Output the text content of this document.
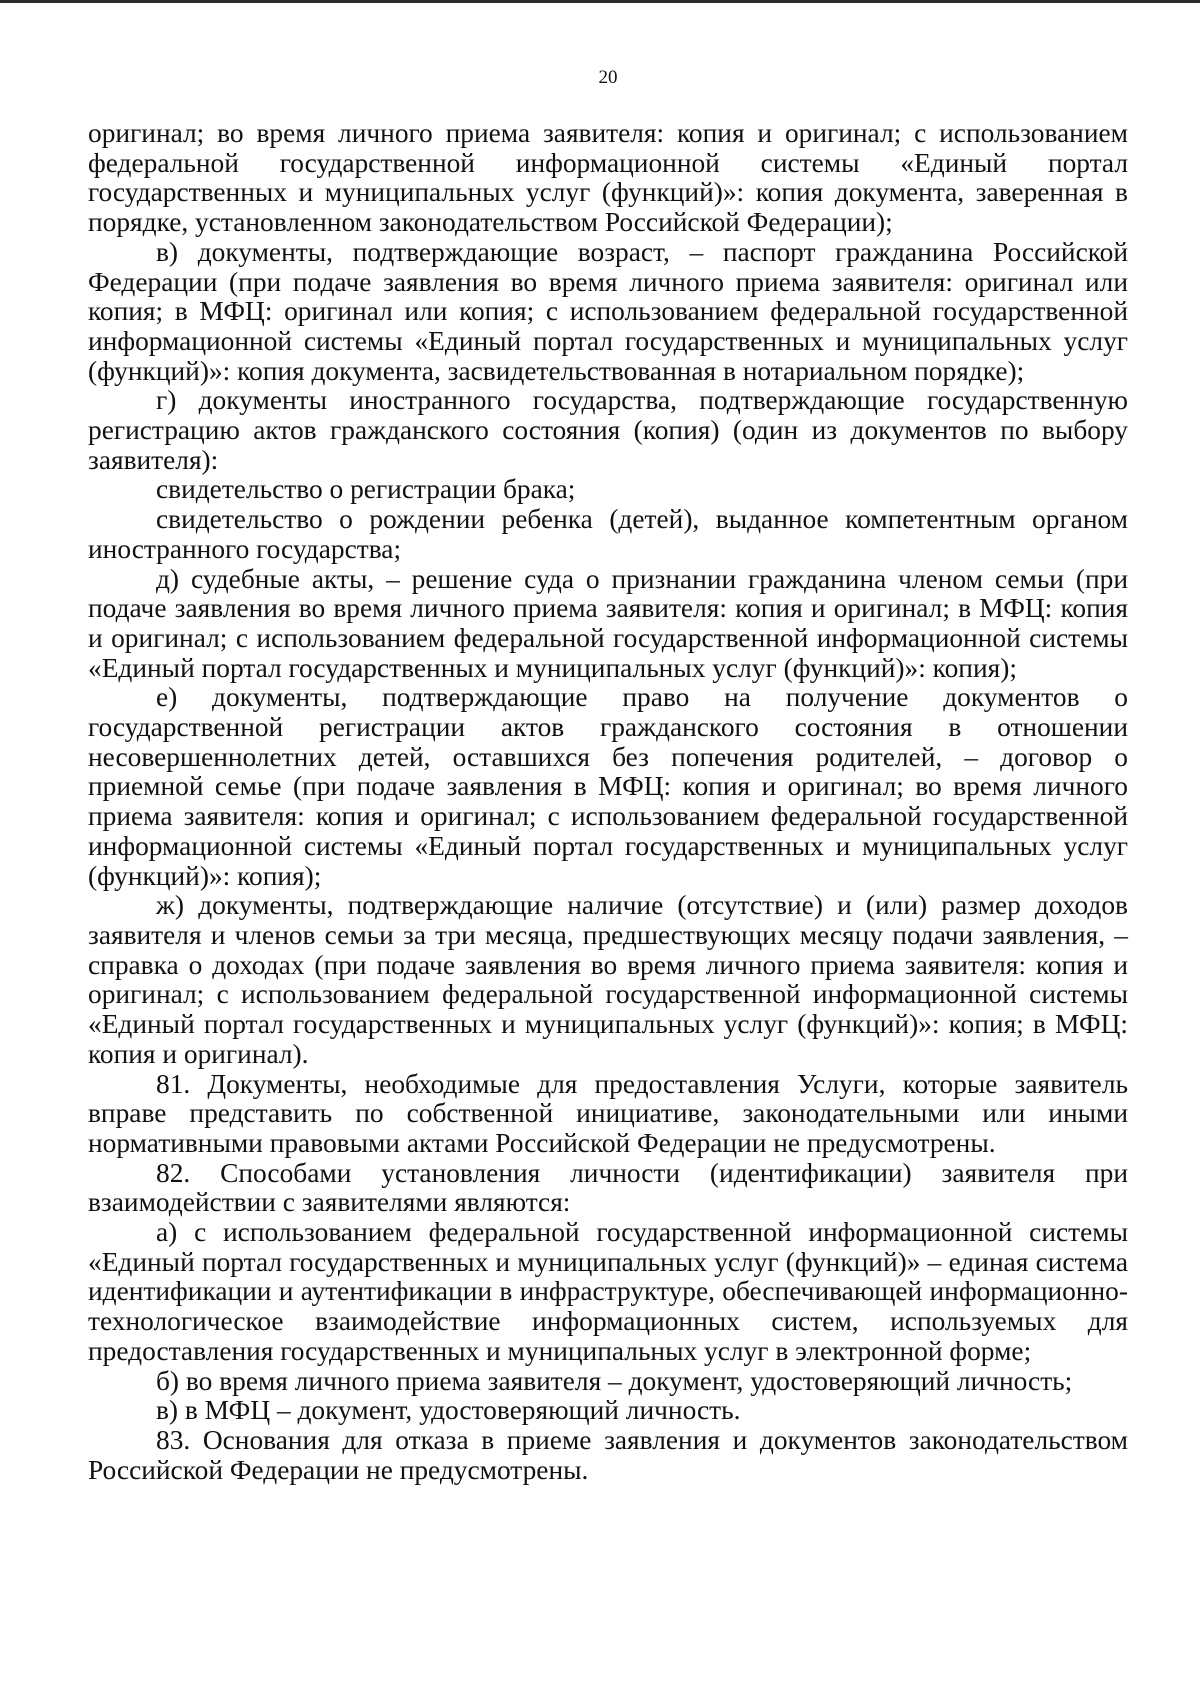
20

оригинал; во время личного приема заявителя: копия и оригинал; с использованием федеральной государственной информационной системы «Единый портал государственных и муниципальных услуг (функций)»: копия документа, заверенная в порядке, установленном законодательством Российской Федерации);

в) документы, подтверждающие возраст, – паспорт гражданина Российской Федерации (при подаче заявления во время личного приема заявителя: оригинал или копия; в МФЦ: оригинал или копия; с использованием федеральной государственной информационной системы «Единый портал государственных и муниципальных услуг (функций)»: копия документа, засвидетельствованная в нотариальном порядке);

г) документы иностранного государства, подтверждающие государственную регистрацию актов гражданского состояния (копия) (один из документов по выбору заявителя):

свидетельство о регистрации брака;

свидетельство о рождении ребенка (детей), выданное компетентным органом иностранного государства;

д) судебные акты, – решение суда о признании гражданина членом семьи (при подаче заявления во время личного приема заявителя: копия и оригинал; в МФЦ: копия и оригинал; с использованием федеральной государственной информационной системы «Единый портал государственных и муниципальных услуг (функций)»: копия);

е) документы, подтверждающие право на получение документов о государственной регистрации актов гражданского состояния в отношении несовершеннолетних детей, оставшихся без попечения родителей, – договор о приемной семье (при подаче заявления в МФЦ: копия и оригинал; во время личного приема заявителя: копия и оригинал; с использованием федеральной государственной информационной системы «Единый портал государственных и муниципальных услуг (функций)»: копия);

ж) документы, подтверждающие наличие (отсутствие) и (или) размер доходов заявителя и членов семьи за три месяца, предшествующих месяцу подачи заявления, – справка о доходах (при подаче заявления во время личного приема заявителя: копия и оригинал; с использованием федеральной государственной информационной системы «Единый портал государственных и муниципальных услуг (функций)»: копия; в МФЦ: копия и оригинал).

81. Документы, необходимые для предоставления Услуги, которые заявитель вправе представить по собственной инициативе, законодательными или иными нормативными правовыми актами Российской Федерации не предусмотрены.

82. Способами установления личности (идентификации) заявителя при взаимодействии с заявителями являются:

а) с использованием федеральной государственной информационной системы «Единый портал государственных и муниципальных услуг (функций)» – единая система идентификации и аутентификации в инфраструктуре, обеспечивающей информационно-технологическое взаимодействие информационных систем, используемых для предоставления государственных и муниципальных услуг в электронной форме;

б) во время личного приема заявителя – документ, удостоверяющий личность;

в) в МФЦ – документ, удостоверяющий личность.

83. Основания для отказа в приеме заявления и документов законодательством Российской Федерации не предусмотрены.
